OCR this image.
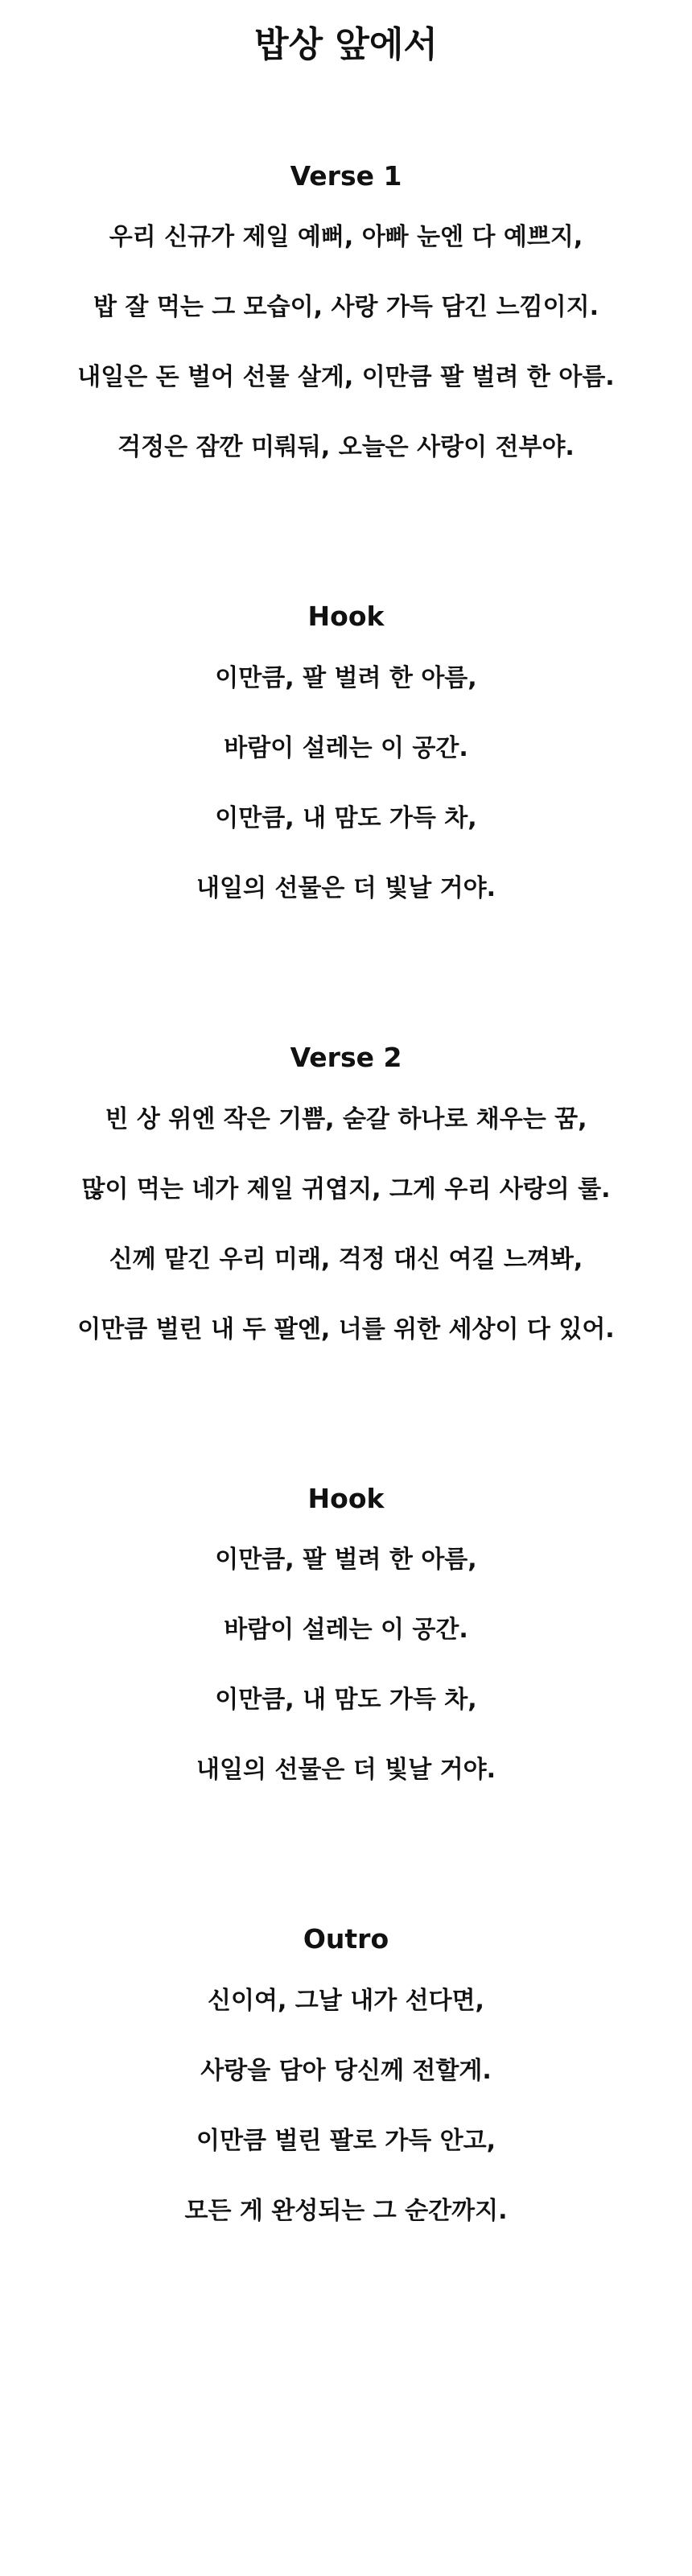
밥상 앞에서
Verse 1

우리 신규가 제일 예뻐, 아빠 눈엔 다 예쁘지,

밥 잘 먹는 그 모습이, 사랑 가득 담긴 느낌이지.

내일은 돈 벌어 선물 살게, 이만큼 팔 벌려 한 아름.

걱정은 잠깐 미뤄둬, 오늘은 사랑이 전부야.

Hook

이만큼, 팔 벌려 한 아름,

바람이 설레는 이 공간.

이만큼, 내 맘도 가득 차,

내일의 선물은 더 빛날 거야.

Verse 2

빈 상 위엔 작은 기쁨, 숟갈 하나로 채우는 꿈,

많이 먹는 네가 제일 귀엽지, 그게 우리 사랑의 룰.

신께 맡긴 우리 미래, 걱정 대신 여길 느껴봐,

이만큼 벌린 내 두 팔엔, 너를 위한 세상이 다 있어.

Hook

이만큼, 팔 벌려 한 아름,

바람이 설레는 이 공간.

이만큼, 내 맘도 가득 차,

내일의 선물은 더 빛날 거야.

Outro

신이여, 그날 내가 선다면,

사랑을 담아 당신께 전할게.

이만큼 벌린 팔로 가득 안고,

모든 게 완성되는 그 순간까지.
